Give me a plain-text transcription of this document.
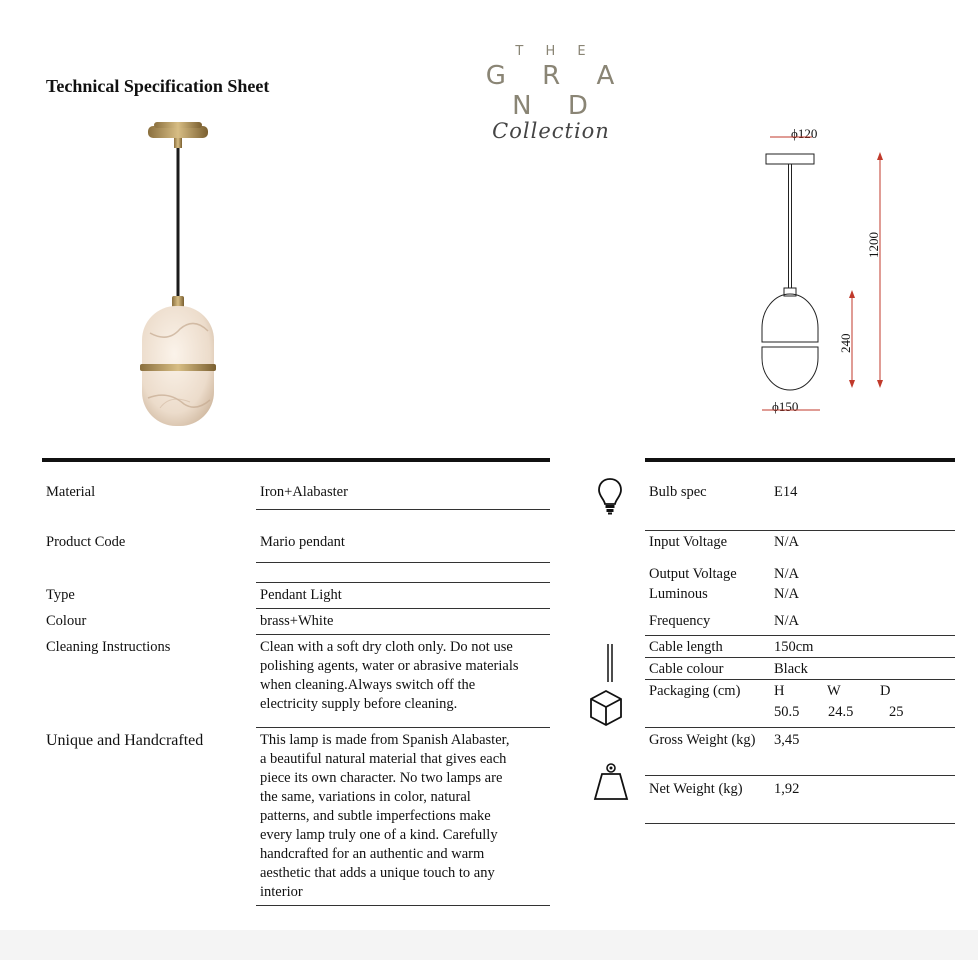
Technical Specification Sheet
T H E
G R A N D
Collection	ϕ120
ϕ150
1200
240
Material	Iron+Alabaster
Product Code	Mario pendant
Type	Pendant Light
Colour	brass+White
Cleaning Instructions	Clean with a soft dry cloth only. Do not use
polishing agents, water or abrasive materials
when cleaning.Always switch off the
electricity supply before cleaning.
Unique and Handcrafted	This lamp is made from Spanish Alabaster,
a beautiful natural material that gives each
piece its own character. No two lamps are
the same, variations in color, natural
patterns, and subtle imperfections make
every lamp truly one of a kind. Carefully
handcrafted for an authentic and warm
aesthetic that adds a unique touch to any
interior
Bulb spec	E14
Input Voltage	N/A
Output Voltage	N/A
Luminous	N/A
Frequency	N/A
Cable length	150cm
Cable colour	Black
Packaging (cm) H	W	D
50.5 24.5 25
Gross Weight (kg) 3,45
Net Weight (kg) 1,92
